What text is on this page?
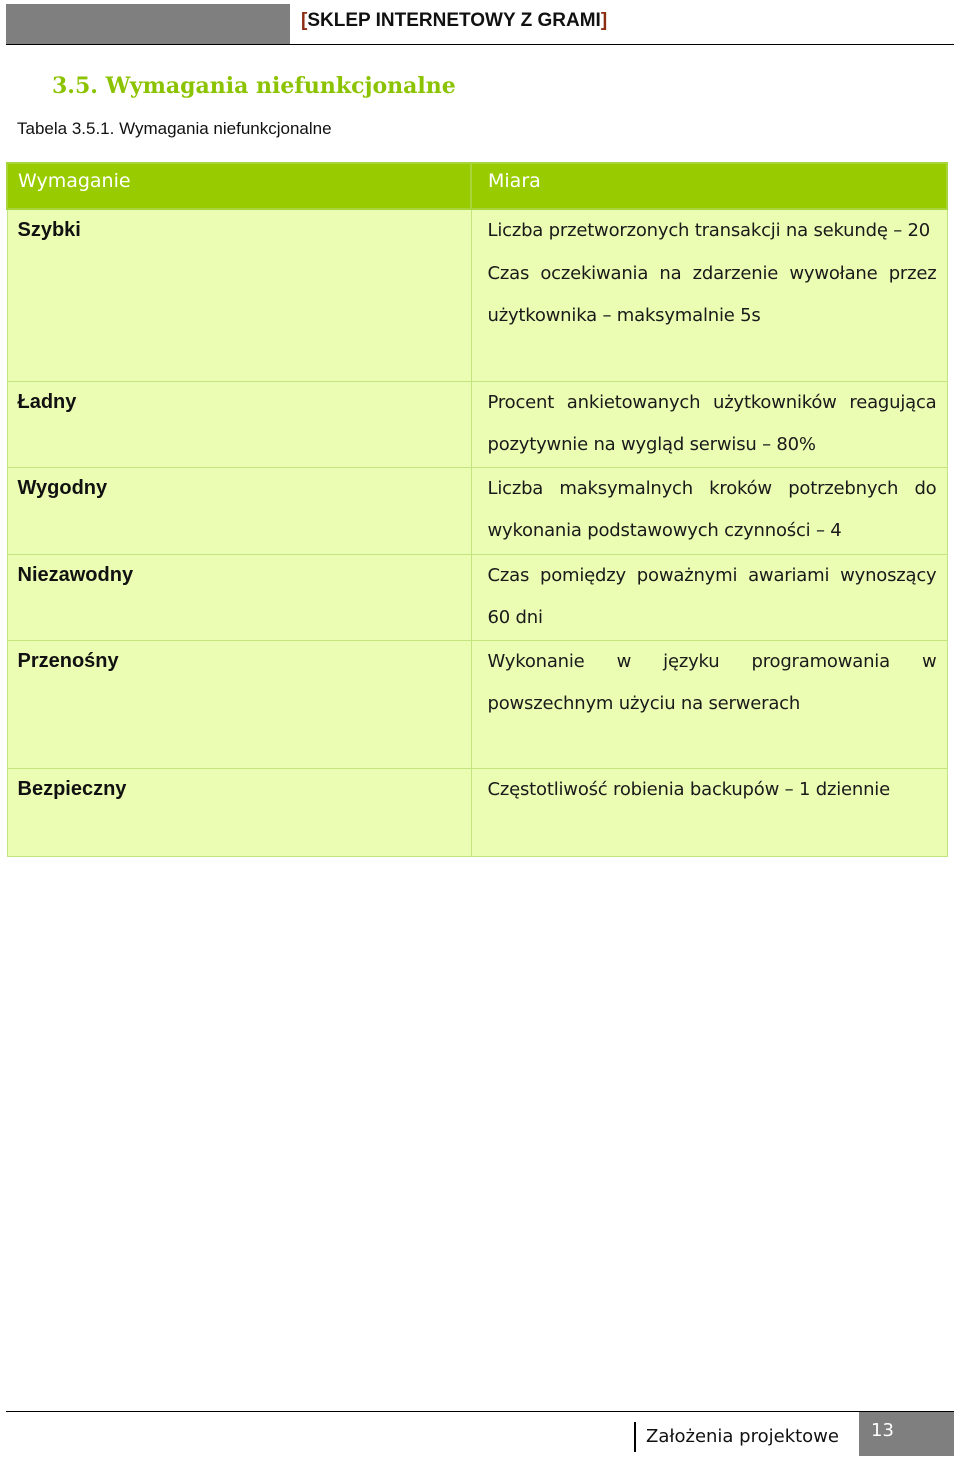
[SKLEP INTERNETOWY Z GRAMI]
3.5. Wymagania niefunkcjonalne
Tabela 3.5.1. Wymagania niefunkcjonalne
Wymaganie	Miara

Szybki	Liczba przetworzonych transakcji na sekundę – 20

Czas oczekiwania na zdarzenie wywołane przez użytkownika – maksymalnie 5s

Ładny	Procent ankietowanych użytkowników reagująca pozytywnie na wygląd serwisu – 80%

Wygodny	Liczba maksymalnych kroków potrzebnych do wykonania podstawowych czynności – 4

Niezawodny	Czas pomiędzy poważnymi awariami wynoszący 60 dni

Przenośny	Wykonanie w języku programowania w powszechnym użyciu na serwerach

Bezpieczny	Częstotliwość robienia backupów – 1 dziennie

Założenia projektowe 13
